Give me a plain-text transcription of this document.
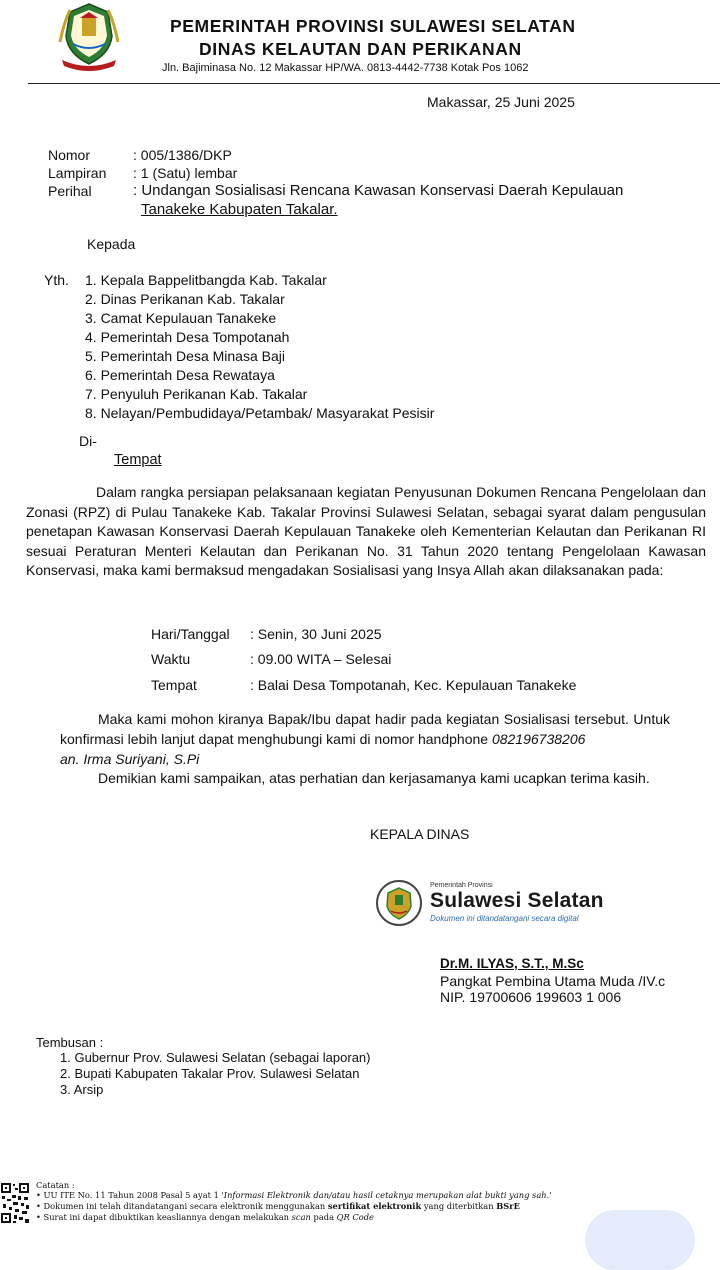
PEMERINTAH PROVINSI SULAWESI SELATAN
DINAS KELAUTAN DAN PERIKANAN
Jln. Bajiminasa No. 12 Makassar HP/WA. 0813-4442-7738 Kotak Pos 1062
Makassar, 25 Juni 2025
Nomor	: 005/1386/DKP
Lampiran : 1 (Satu) lembar
Perihal	: Undangan Sosialisasi Rencana Kawasan Konservasi Daerah Kepulauan
Tanakeke Kabupaten Takalar.
Kepada
Yth. 1. Kepala Bappelitbangda Kab. Takalar
2. Dinas Perikanan Kab. Takalar
3. Camat Kepulauan Tanakeke
4. Pemerintah Desa Tompotanah
5. Pemerintah Desa Minasa Baji
6. Pemerintah Desa Rewataya
7. Penyuluh Perikanan Kab. Takalar
8. Nelayan/Pembudidaya/Petambak/ Masyarakat Pesisir
Di-
Tempat
Dalam rangka persiapan pelaksanaan kegiatan Penyusunan Dokumen Rencana Pengelolaan dan Zonasi (RPZ) di Pulau Tanakeke Kab. Takalar Provinsi Sulawesi Selatan, sebagai syarat dalam pengusulan penetapan Kawasan Konservasi Daerah Kepulauan Tanakeke oleh Kementerian Kelautan dan Perikanan RI sesuai Peraturan Menteri Kelautan dan Perikanan No. 31 Tahun 2020 tentang Pengelolaan Kawasan Konservasi, maka kami bermaksud mengadakan Sosialisasi yang Insya Allah akan dilaksanakan pada:
Hari/Tanggal : Senin, 30 Juni 2025
Waktu	: 09.00 WITA – Selesai
Tempat	: Balai Desa Tompotanah, Kec. Kepulauan Tanakeke
Maka kami mohon kiranya Bapak/Ibu dapat hadir pada kegiatan Sosialisasi tersebut. Untuk konfirmasi lebih lanjut dapat menghubungi kami di nomor handphone 082196738206
an. Irma Suriyani, S.Pi
Demikian kami sampaikan, atas perhatian dan kerjasamanya kami ucapkan terima kasih.
KEPALA DINAS
Pemerintah Provinsi
Sulawesi Selatan
Dokumen ini ditandatangani secara digital
Dr.M. ILYAS, S.T., M.Sc
Pangkat Pembina Utama Muda /IV.c
NIP. 19700606 199603 1 006
Tembusan :
1. Gubernur Prov. Sulawesi Selatan (sebagai laporan)
2. Bupati Kabupaten Takalar Prov. Sulawesi Selatan
3. Arsip
Catatan :
• UU ITE No. 11 Tahun 2008 Pasal 5 ayat 1 'Informasi Elektronik dan/atau hasil cetaknya merupakan alat bukti yang sah.'
• Dokumen ini telah ditandatangani secara elektronik menggunakan sertifikat elektronik yang diterbitkan BSrE
• Surat ini dapat dibuktikan keasliannya dengan melakukan scan pada QR Code
